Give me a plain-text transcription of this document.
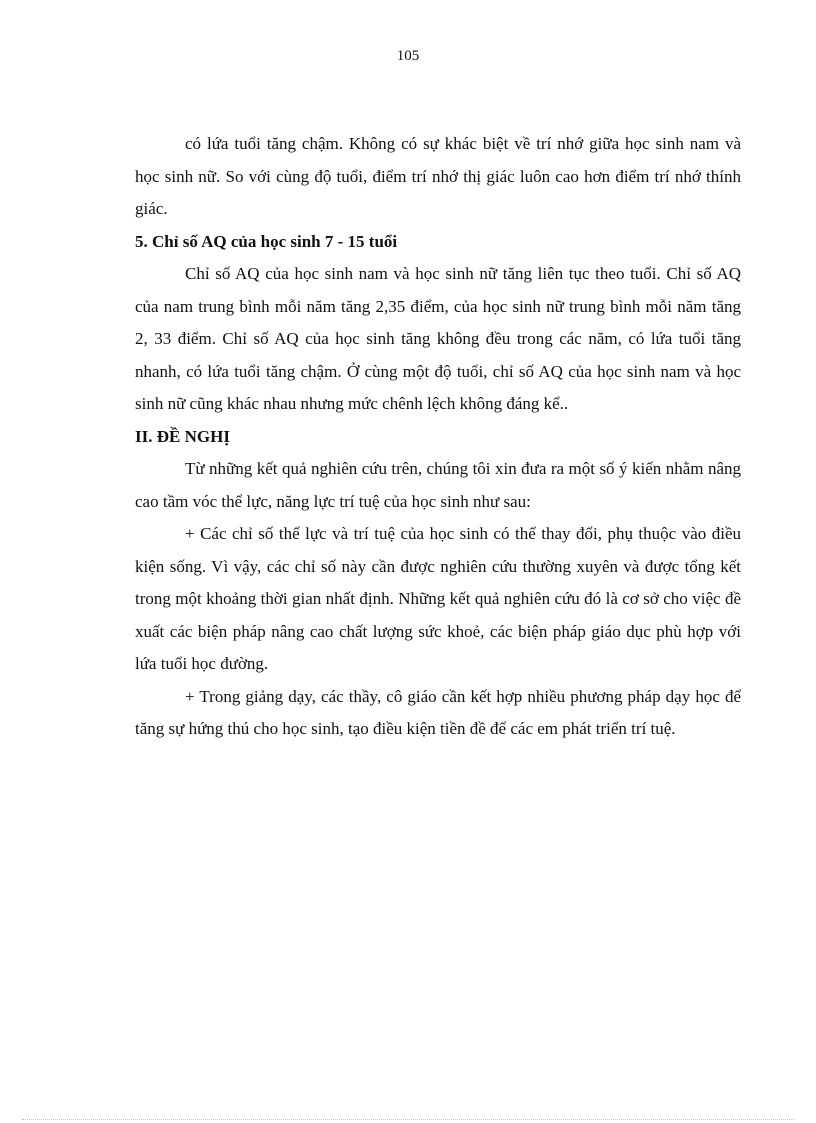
105

có lứa tuổi tăng chậm. Không có sự khác biệt về trí nhớ giữa học sinh nam và học sinh nữ. So với cùng độ tuổi, điểm trí nhớ thị giác luôn cao hơn điểm trí nhớ thính giác.

5. Chỉ số AQ của học sinh 7 - 15 tuổi

Chỉ số AQ của học sinh nam và học sinh nữ tăng liên tục theo tuổi. Chỉ số AQ của nam trung bình mỗi năm tăng 2,35 điểm, của học sinh nữ trung bình mỗi năm tăng 2, 33 điểm. Chỉ số AQ của học sinh tăng không đều trong các năm, có lứa tuổi tăng nhanh, có lứa tuổi tăng chậm. Ở cùng một độ tuổi, chỉ số AQ của học sinh nam và học sinh nữ cũng khác nhau nhưng mức chênh lệch không đáng kể..

II. ĐỀ NGHỊ

Từ những kết quả nghiên cứu trên, chúng tôi xin đưa ra một số ý kiến nhằm nâng cao tầm vóc thể lực, năng lực trí tuệ của học sinh như sau:

+ Các chỉ số thể lực và trí tuệ của học sinh có thể thay đổi, phụ thuộc vào điều kiện sống. Vì vậy, các chỉ số này cần được nghiên cứu thường xuyên và được tổng kết trong một khoảng thời gian nhất định. Những kết quả nghiên cứu đó là cơ sở cho việc đề xuất các biện pháp nâng cao chất lượng sức khoẻ, các biện pháp giáo dục phù hợp với lứa tuổi học đường.

+ Trong giảng dạy, các thầy, cô giáo cần kết hợp nhiều phương pháp dạy học để tăng sự hứng thú cho học sinh, tạo điều kiện tiền đề để các em phát triển trí tuệ.
